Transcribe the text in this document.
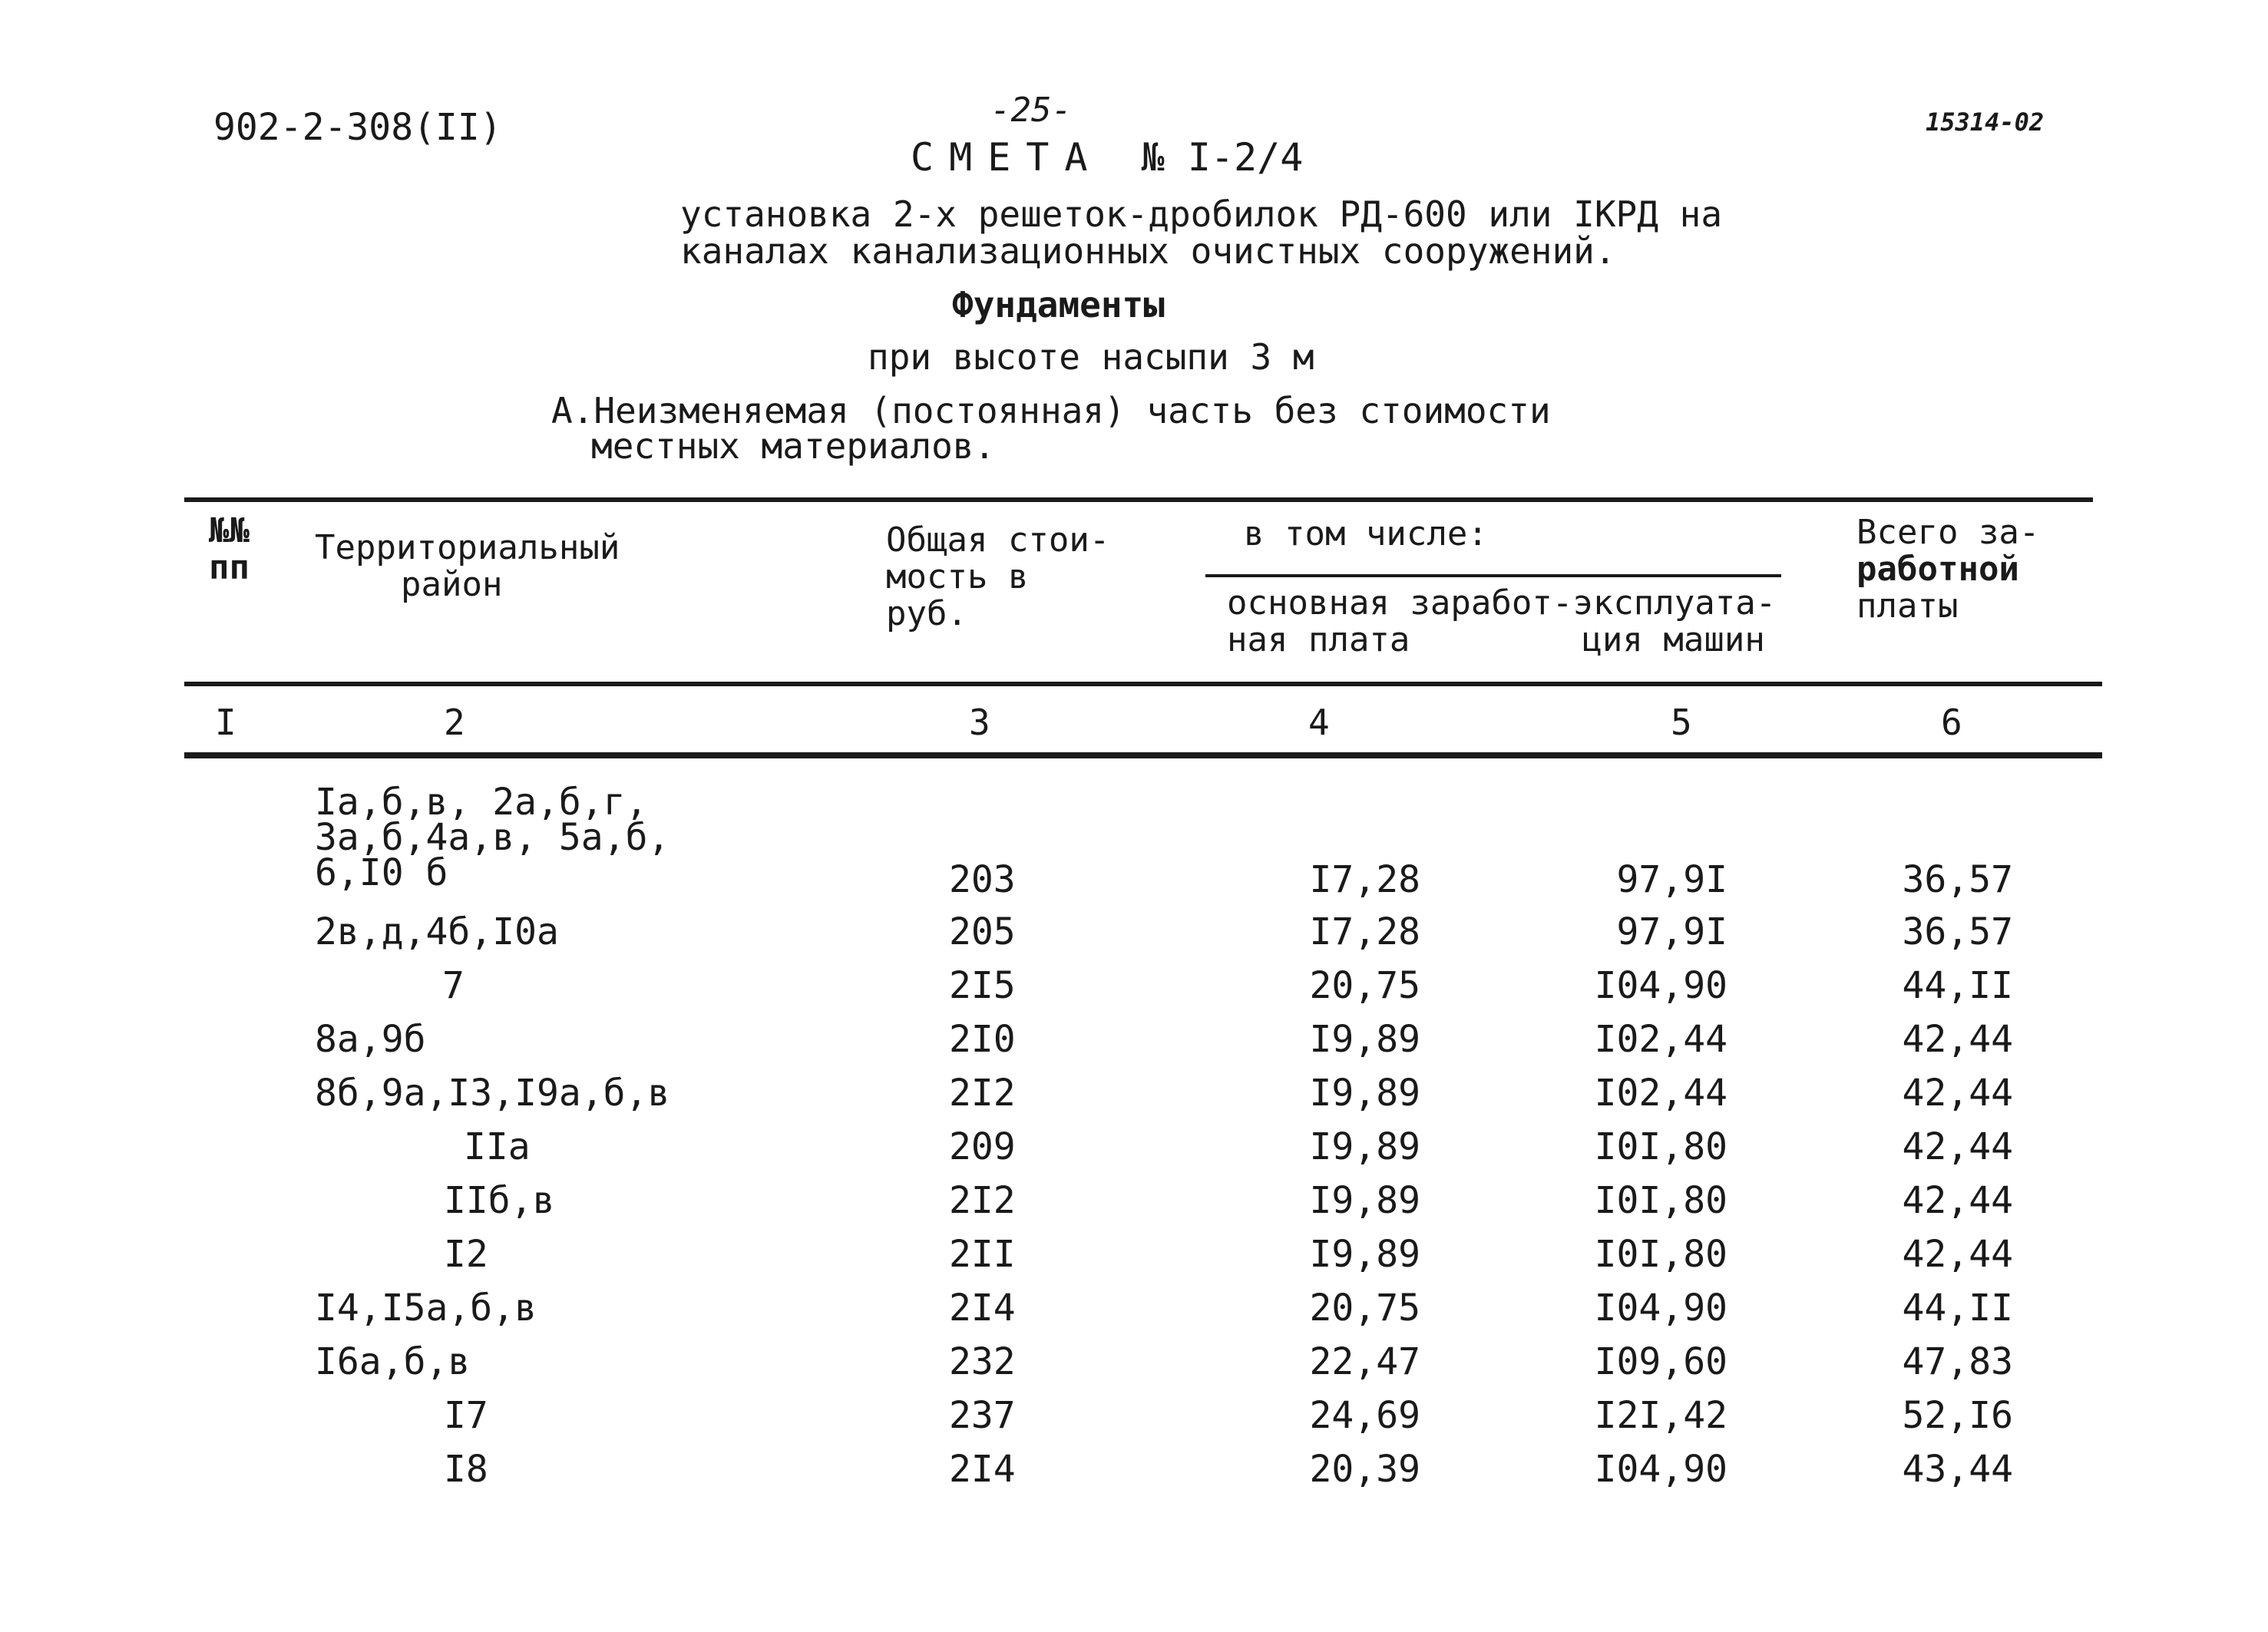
902-2-308(II)	-25-	15314-02
СМЕТА № I-2/4
установка 2-х решеток-дробилок РД-600 или IКРД на
каналах канализационных очистных сооружений.
Фундаменты
при высоте насыпи 3 м
А.Неизменяемая (постоянная) часть без стоимости
местных материалов.
№№
пп
Территориальный
район
Общая стои-
мость в
руб.
в том числе:
основная заработ-эксплуата-
ная плата	ция машин
Всего за-
работной
платы
I	2	3	4	5	6
Iа,б,в, 2а,б,г,
3а,б,4а,в, 5а,б,
6,I0 б	203	I7,28	97,9I	36,57
2в,д,4б,I0а	205	I7,28	97,9I	36,57
7	2I5	20,75	I04,90	44,II
8а,9б	2I0	I9,89	I02,44	42,44
8б,9а,I3,I9а,б,в	2I2	I9,89	I02,44	42,44
IIа	209	I9,89	I0I,80	42,44
IIб,в	2I2	I9,89	I0I,80	42,44
I2	2II	I9,89	I0I,80	42,44
I4,I5а,б,в	2I4	20,75	I04,90	44,II
I6а,б,в	232	22,47	I09,60	47,83
I7	237	24,69	I2I,42	52,I6
I8	2I4	20,39	I04,90	43,44
